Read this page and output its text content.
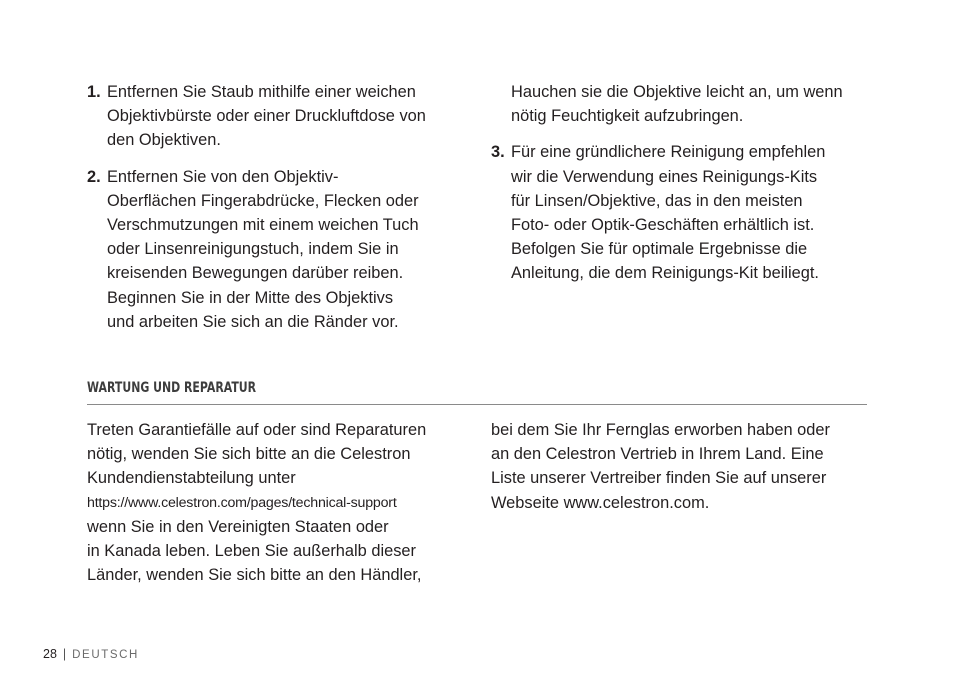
1. Entfernen Sie Staub mithilfe einer weichen
Objektivbürste oder einer Druckluftdose von
den Objektiven.
2. Entfernen Sie von den Objektiv-
Oberflächen Fingerabdrücke, Flecken oder
Verschmutzungen mit einem weichen Tuch
oder Linsenreinigungstuch, indem Sie in
kreisenden Bewegungen darüber reiben.
Beginnen Sie in der Mitte des Objektivs
und arbeiten Sie sich an die Ränder vor.
Hauchen sie die Objektive leicht an, um wenn
nötig Feuchtigkeit aufzubringen.
3. Für eine gründlichere Reinigung empfehlen
wir die Verwendung eines Reinigungs-Kits
für Linsen/Objektive, das in den meisten
Foto- oder Optik-Geschäften erhältlich ist.
Befolgen Sie für optimale Ergebnisse die
Anleitung, die dem Reinigungs-Kit beiliegt.
WARTUNG UND REPARATUR
Treten Garantiefälle auf oder sind Reparaturen
nötig, wenden Sie sich bitte an die Celestron
Kundendienstabteilung unter
https://www.celestron.com/pages/technical-support
wenn Sie in den Vereinigten Staaten oder
in Kanada leben. Leben Sie außerhalb dieser
Länder, wenden Sie sich bitte an den Händler,
bei dem Sie Ihr Fernglas erworben haben oder
an den Celestron Vertrieb in Ihrem Land. Eine
Liste unserer Vertreiber finden Sie auf unserer
Webseite www.celestron.com.
28 | DEUTSCH
